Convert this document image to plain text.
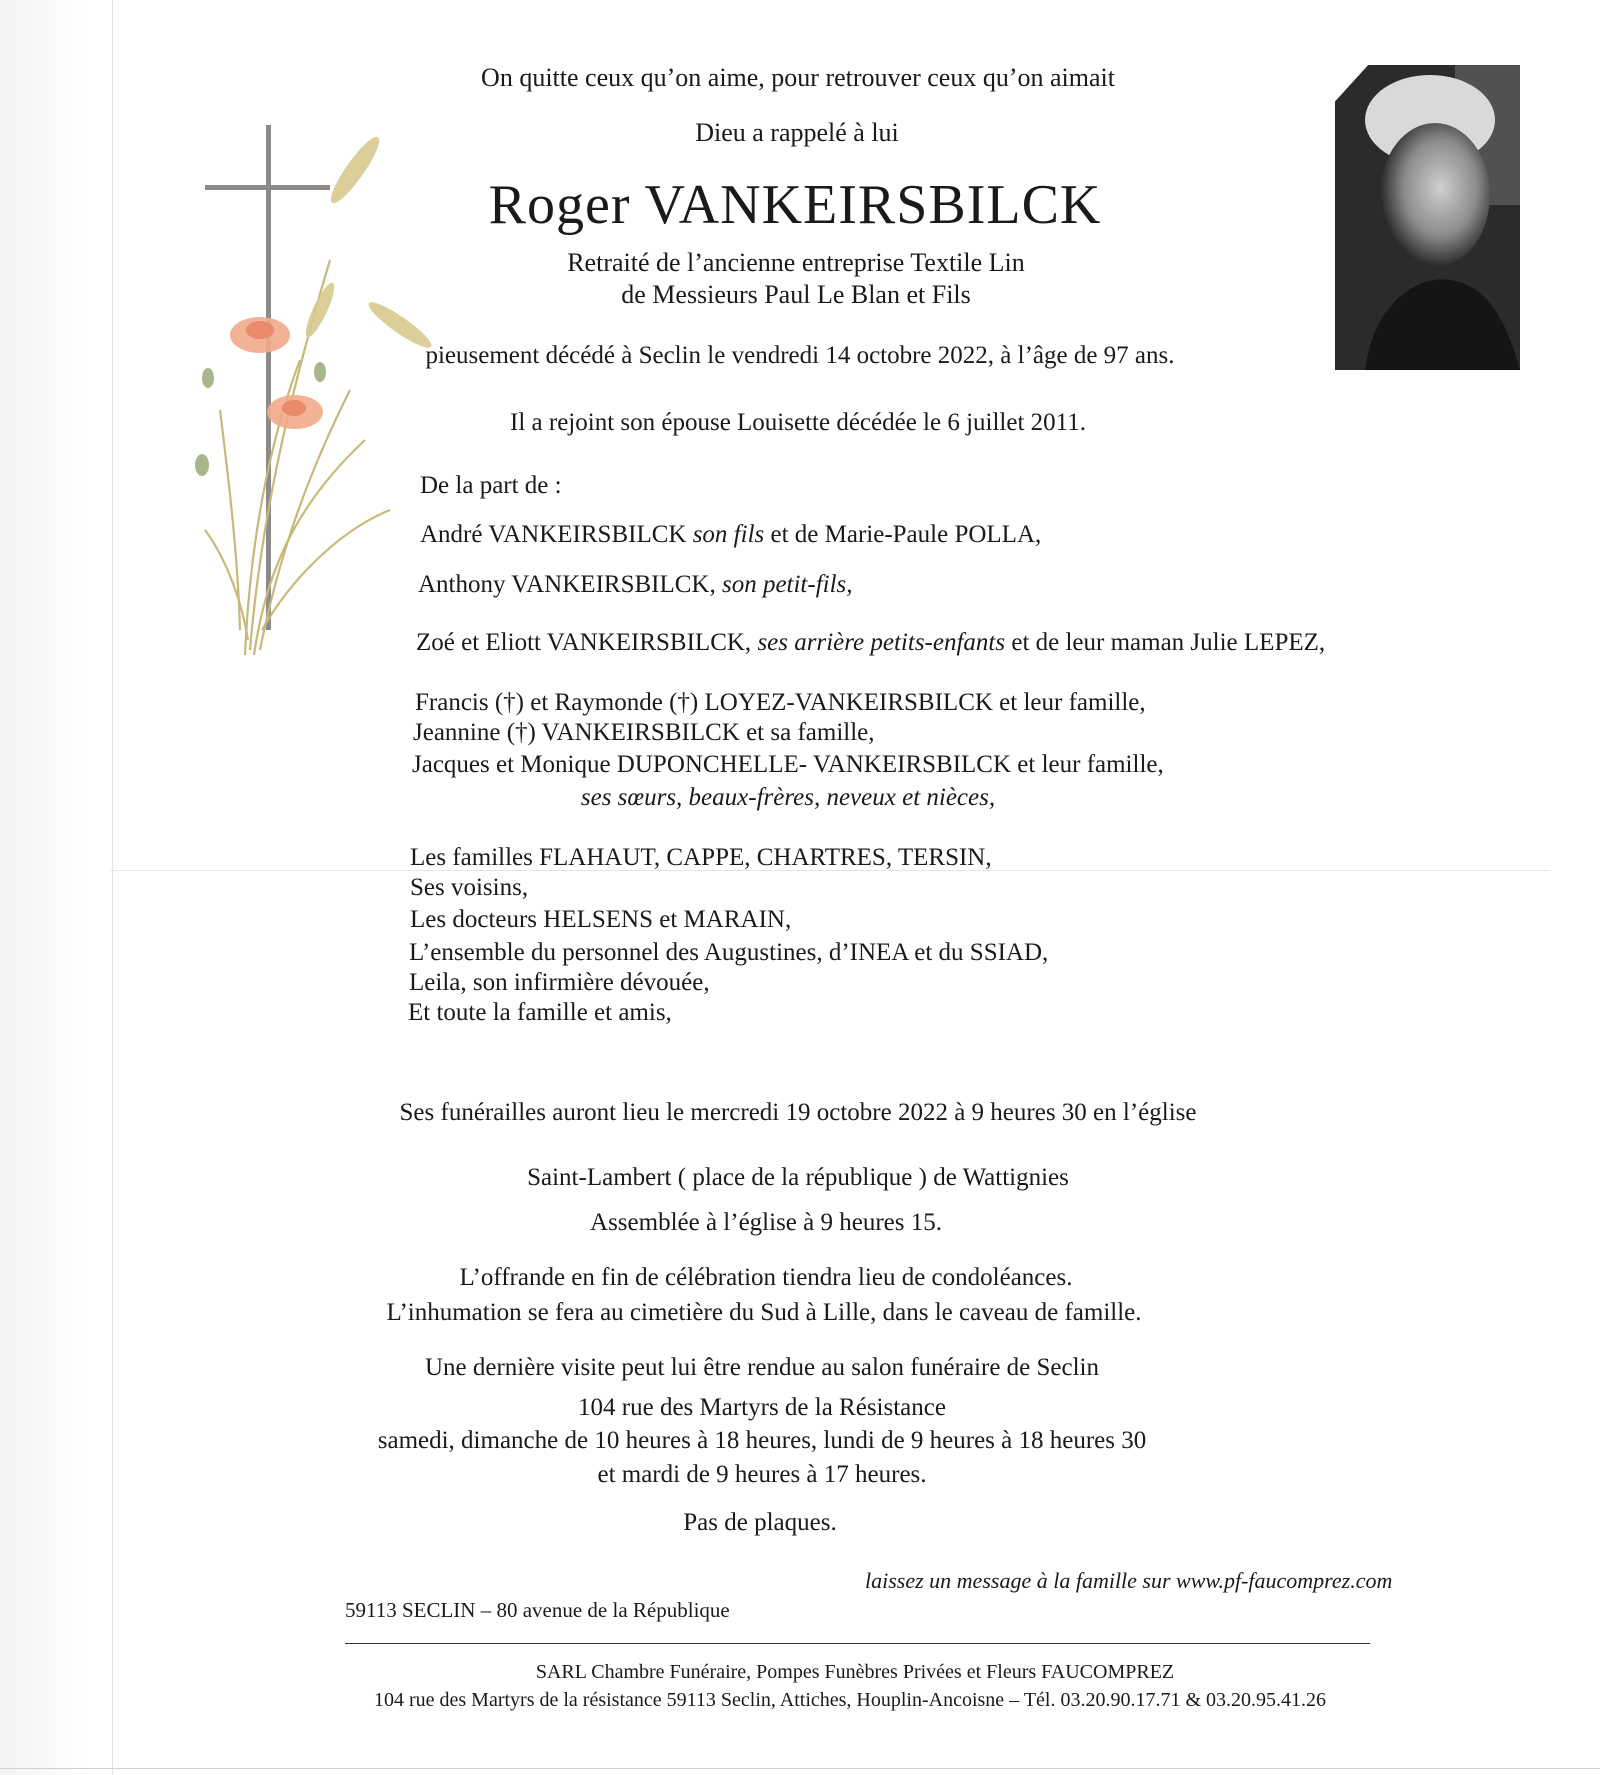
On quitte ceux qu’on aime, pour retrouver ceux qu’on aimait
Dieu a rappelé à lui
Roger VANKEIRSBILCK
Retraité de l’ancienne entreprise Textile Lin
de Messieurs Paul Le Blan et Fils
pieusement décédé à Seclin le vendredi 14 octobre 2022, à l’âge de 97 ans.
Il a rejoint son épouse Louisette décédée le 6 juillet 2011.
De la part de :
André VANKEIRSBILCK son fils et de Marie-Paule POLLA,
Anthony VANKEIRSBILCK, son petit-fils,
Zoé et Eliott VANKEIRSBILCK, ses arrière petits-enfants et de leur maman Julie LEPEZ,
Francis (†) et Raymonde (†) LOYEZ-VANKEIRSBILCK et leur famille,
Jeannine (†) VANKEIRSBILCK et sa famille,
Jacques et Monique DUPONCHELLE- VANKEIRSBILCK et leur famille,
ses sœurs, beaux-frères, neveux et nièces,
Les familles FLAHAUT, CAPPE, CHARTRES, TERSIN,
Ses voisins,
Les docteurs HELSENS et MARAIN,
L’ensemble du personnel des Augustines, d’INEA et du SSIAD,
Leila, son infirmière dévouée,
Et toute la famille et amis,
Ses funérailles auront lieu le mercredi 19 octobre 2022 à 9 heures 30 en l’église
Saint-Lambert ( place de la république ) de Wattignies
Assemblée à l’église à 9 heures 15.
L’offrande en fin de célébration tiendra lieu de condoléances.
L’inhumation se fera au cimetière du Sud à Lille, dans le caveau de famille.
Une dernière visite peut lui être rendue au salon funéraire de Seclin
104 rue des Martyrs de la Résistance
samedi, dimanche de 10 heures à 18 heures, lundi de 9 heures à 18 heures 30
et mardi de 9 heures à 17 heures.
Pas de plaques.
laissez un message à la famille sur www.pf-faucomprez.com
59113 SECLIN – 80 avenue de la République
SARL Chambre Funéraire, Pompes Funèbres Privées et Fleurs FAUCOMPREZ
104 rue des Martyrs de la résistance 59113 Seclin, Attiches, Houplin-Ancoisne – Tél. 03.20.90.17.71 & 03.20.95.41.26
